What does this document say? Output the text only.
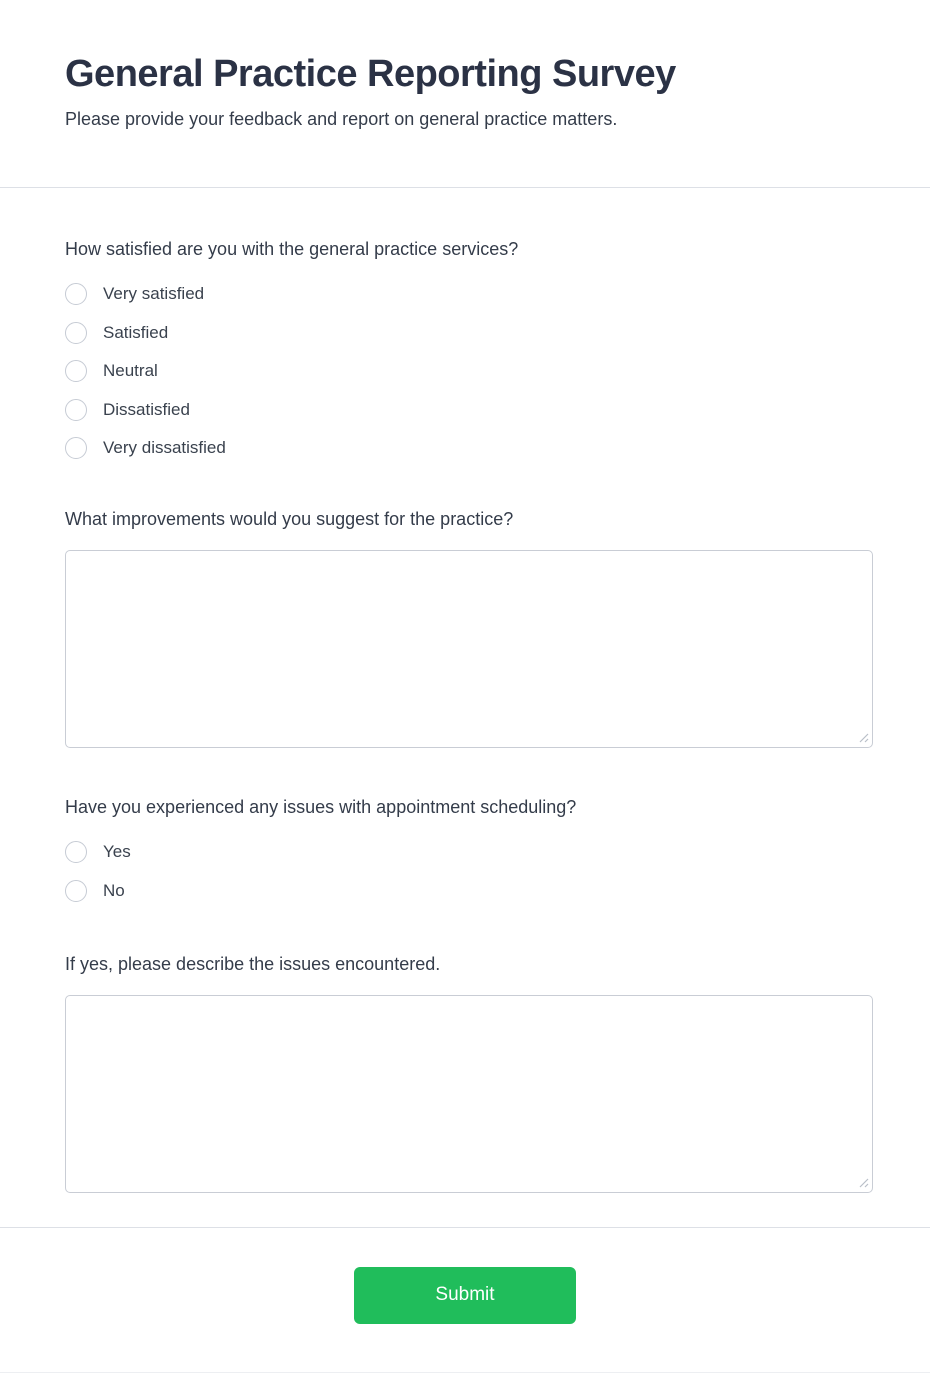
General Practice Reporting Survey

Please provide your feedback and report on general practice matters.

How satisfied are you with the general practice services?
Very satisfied
Satisfied
Neutral
Dissatisfied
Very dissatisfied
What improvements would you suggest for the practice?
Have you experienced any issues with appointment scheduling?
Yes
No
If yes, please describe the issues encountered.
Submit
